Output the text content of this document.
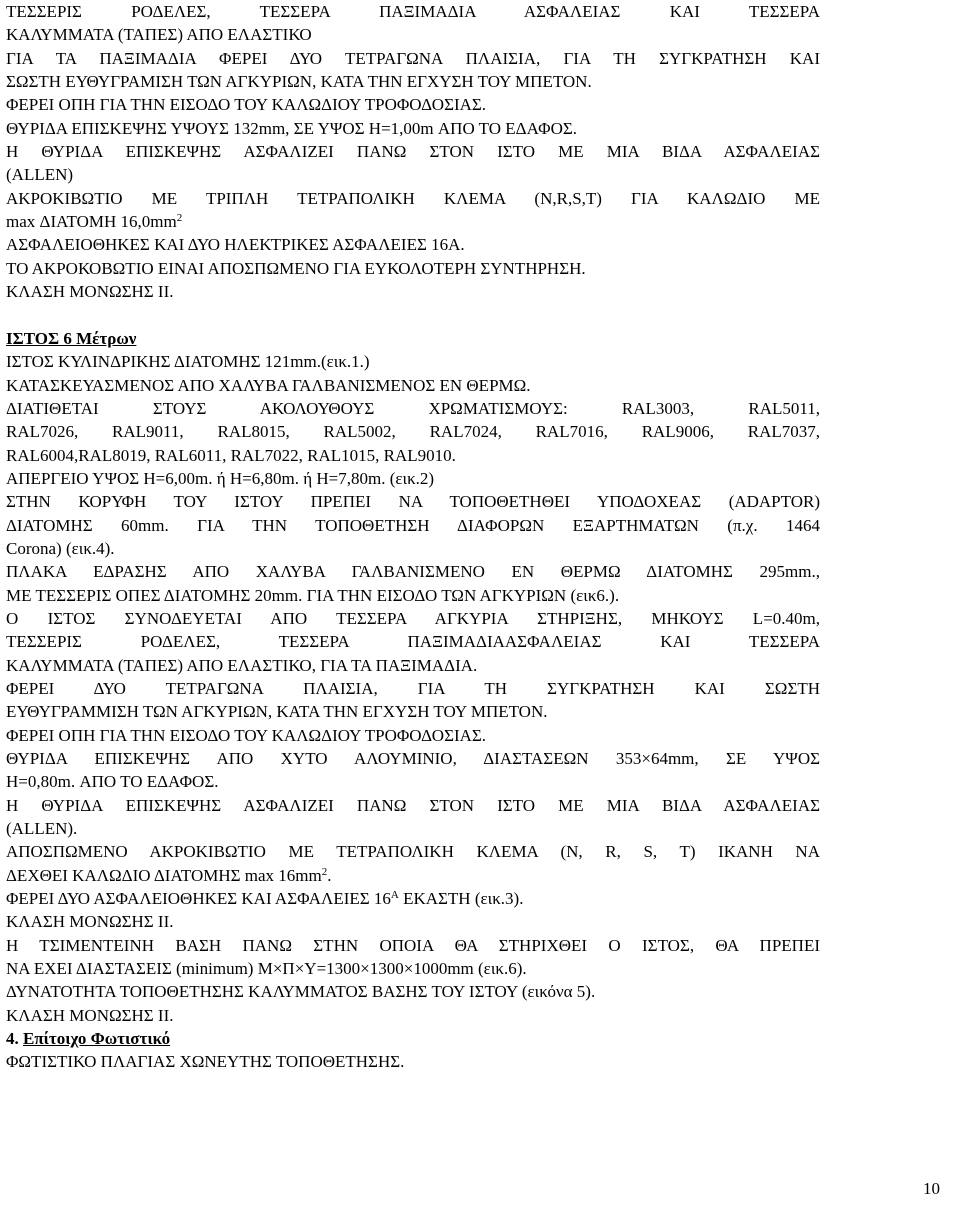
ΤΕΣΣΕΡΙΣ ΡΟΔΕΛΕΣ, ΤΕΣΣΕΡΑ ΠΑΞΙΜΑΔΙΑ ΑΣΦΑΛΕΙΑΣ ΚΑΙ ΤΕΣΣΕΡΑ
ΚΑΛΥΜΜΑΤΑ (ΤΑΠΕΣ) ΑΠΟ ΕΛΑΣΤΙΚΟ
ΓΙΑ ΤΑ ΠΑΞΙΜΑΔΙΑ ΦΕΡΕΙ ΔΥΟ ΤΕΤΡΑΓΩΝΑ ΠΛΑΙΣΙΑ, ΓΙΑ ΤΗ ΣΥΓΚΡΑΤΗΣΗ ΚΑΙ
ΣΩΣΤΗ ΕΥΘΥΓΡΑΜΙΣΗ ΤΩΝ ΑΓΚΥΡΙΩΝ, ΚΑΤΑ ΤΗΝ ΕΓΧΥΣΗ ΤΟΥ ΜΠΕΤΟΝ.
ΦΕΡΕΙ ΟΠΗ ΓΙΑ ΤΗΝ ΕΙΣΟΔΟ ΤΟΥ ΚΑΛΩΔΙΟΥ ΤΡΟΦΟΔΟΣΙΑΣ.
ΘΥΡΙΔΑ ΕΠΙΣΚΕΨΗΣ ΥΨΟΥΣ 132mm, ΣΕ ΥΨΟΣ Η=1,00m ΑΠΟ ΤΟ ΕΔΑΦΟΣ.
Η ΘΥΡΙΔΑ ΕΠΙΣΚΕΨΗΣ ΑΣΦΑΛΙΖΕΙ ΠΑΝΩ ΣΤΟΝ ΙΣΤΟ ΜΕ ΜΙΑ ΒΙΔΑ ΑΣΦΑΛΕΙΑΣ
(ALLEN)
ΑΚΡΟΚΙΒΩΤΙΟ ΜΕ ΤΡΙΠΛΗ ΤΕΤΡΑΠΟΛΙΚΗ ΚΛΕΜΑ (N,R,S,T) ΓΙΑ ΚΑΛΩΔΙΟ ΜΕ
max ΔΙΑΤΟΜΗ $16,0mm^2$
ΑΣΦΑΛΕΙΟΘΗΚΕΣ ΚΑΙ ΔΥΟ ΗΛΕΚΤΡΙΚΕΣ ΑΣΦΑΛΕΙΕΣ 16Α.
ΤΟ ΑΚΡΟΚΟΒΩΤΙΟ ΕΙΝΑΙ ΑΠΟΣΠΩΜΕΝΟ ΓΙΑ ΕΥΚΟΛΟΤΕΡΗ ΣΥΝΤΗΡΗΣΗ.
ΚΛΑΣΗ ΜΟΝΩΣΗΣ ΙΙ.
ΙΣΤΟΣ 6 Μέτρων
ΙΣΤΟΣ ΚΥΛΙΝΔΡΙΚΗΣ ΔΙΑΤΟΜΗΣ 121mm.(εικ.1.)
ΚΑΤΑΣΚΕΥΑΣΜΕΝΟΣ ΑΠΟ ΧΑΛΥΒΑ ΓΑΛΒΑΝΙΣΜΕΝΟΣ ΕΝ ΘΕΡΜΩ.
ΔΙΑΤΙΘΕΤΑΙ ΣΤΟΥΣ ΑΚΟΛΟΥΘΟΥΣ ΧΡΩΜΑΤΙΣΜΟΥΣ: RAL3003, RAL5011,
RAL7026, RAL9011, RAL8015, RAL5002, RAL7024, RAL7016, RAL9006, RAL7037,
RAL6004,RAL8019, RAL6011, RAL7022, RAL1015, RAL9010.
ΑΠΕΡΓΕΙΟ ΥΨΟΣ Η=6,00m. ή Η=6,80m. ή Η=7,80m. (εικ.2)
ΣΤΗΝ ΚΟΡΥΦΗ ΤΟΥ ΙΣΤΟΥ ΠΡΕΠΕΙ ΝΑ ΤΟΠΟΘΕΤΗΘΕΙ ΥΠΟΔΟΧΕΑΣ (ADAPTOR)
ΔΙΑΤΟΜΗΣ 60mm. ΓΙΑ ΤΗΝ ΤΟΠΟΘΕΤΗΣΗ ΔΙΑΦΟΡΩΝ ΕΞΑΡΤΗΜΑΤΩΝ (π.χ. 1464
Corona) (εικ.4).
ΠΛΑΚΑ ΕΔΡΑΣΗΣ ΑΠΟ ΧΑΛΥΒΑ ΓΑΛΒΑΝΙΣΜΕΝΟ ΕΝ ΘΕΡΜΩ ΔΙΑΤΟΜΗΣ 295mm.,
ΜΕ ΤΕΣΣΕΡΙΣ ΟΠΕΣ ΔΙΑΤΟΜΗΣ 20mm. ΓΙΑ ΤΗΝ ΕΙΣΟΔΟ ΤΩΝ ΑΓΚΥΡΙΩΝ (εικ6.).
Ο ΙΣΤΟΣ ΣΥΝΟΔΕΥΕΤΑΙ ΑΠΟ ΤΕΣΣΕΡΑ ΑΓΚΥΡΙΑ ΣΤΗΡΙΞΗΣ, ΜΗΚΟΥΣ L=0.40m,
ΤΕΣΣΕΡΙΣ ΡΟΔΕΛΕΣ, ΤΕΣΣΕΡΑ ΠΑΞΙΜΑΔΙΑΑΣΦΑΛΕΙΑΣ ΚΑΙ ΤΕΣΣΕΡΑ
ΚΑΛΥΜΜΑΤΑ (ΤΑΠΕΣ) ΑΠΟ ΕΛΑΣΤΙΚΟ, ΓΙΑ ΤΑ ΠΑΞΙΜΑΔΙΑ.
ΦΕΡΕΙ ΔΥΟ ΤΕΤΡΑΓΩΝΑ ΠΛΑΙΣΙΑ, ΓΙΑ ΤΗ ΣΥΓΚΡΑΤΗΣΗ ΚΑΙ ΣΩΣΤΗ
ΕΥΘΥΓΡΑΜΜΙΣΗ ΤΩΝ ΑΓΚΥΡΙΩΝ, ΚΑΤΑ ΤΗΝ ΕΓΧΥΣΗ ΤΟΥ ΜΠΕΤΟΝ.
ΦΕΡΕΙ ΟΠΗ ΓΙΑ ΤΗΝ ΕΙΣΟΔΟ ΤΟΥ ΚΑΛΩΔΙΟΥ ΤΡΟΦΟΔΟΣΙΑΣ.
ΘΥΡΙΔΑ ΕΠΙΣΚΕΨΗΣ ΑΠΟ ΧΥΤΟ ΑΛΟΥΜΙΝΙΟ, ΔΙΑΣΤΑΣΕΩΝ 353×64mm, ΣΕ ΥΨΟΣ
Η=0,80m. ΑΠΟ ΤΟ ΕΔΑΦΟΣ.
Η ΘΥΡΙΔΑ ΕΠΙΣΚΕΨΗΣ ΑΣΦΑΛΙΖΕΙ ΠΑΝΩ ΣΤΟΝ ΙΣΤΟ ΜΕ ΜΙΑ ΒΙΔΑ ΑΣΦΑΛΕΙΑΣ
(ALLEN).
ΑΠΟΣΠΩΜΕΝΟ ΑΚΡΟΚΙΒΩΤΙΟ ΜΕ ΤΕΤΡΑΠΟΛΙΚΗ ΚΛΕΜΑ (N, R, S, T) ΙΚΑΝΗ ΝΑ
ΔΕΧΘΕΙ ΚΑΛΩΔΙΟ ΔΙΑΤΟΜΗΣ $\max 16mm^2$.
ΦΕΡΕΙ ΔΥΟ ΑΣΦΑΛΕΙΟΘΗΚΕΣ ΚΑΙ ΑΣΦΑΛΕΙΕΣ $16^A$ ΕΚΑΣΤΗ (εικ.3).
ΚΛΑΣΗ ΜΟΝΩΣΗΣ ΙΙ.
Η ΤΣΙΜΕΝΤΕΙΝΗ ΒΑΣΗ ΠΑΝΩ ΣΤΗΝ ΟΠΟΙΑ ΘΑ ΣΤΗΡΙΧΘΕΙ Ο ΙΣΤΟΣ, ΘΑ ΠΡΕΠΕΙ
ΝΑ ΕΧΕΙ ΔΙΑΣΤΑΣΕΙΣ (minimum) Μ×Π×Υ=1300×1300×1000mm (εικ.6).
ΔΥΝΑΤΟΤΗΤΑ ΤΟΠΟΘΕΤΗΣΗΣ ΚΑΛΥΜΜΑΤΟΣ ΒΑΣΗΣ ΤΟΥ ΙΣΤΟΥ (εικόνα 5).
ΚΛΑΣΗ ΜΟΝΩΣΗΣ ΙΙ.
4. Επίτοιχο Φωτιστικό
ΦΩΤΙΣΤΙΚΟ ΠΛΑΓΙΑΣ ΧΩΝΕΥΤΗΣ ΤΟΠΟΘΕΤΗΣΗΣ.
10
